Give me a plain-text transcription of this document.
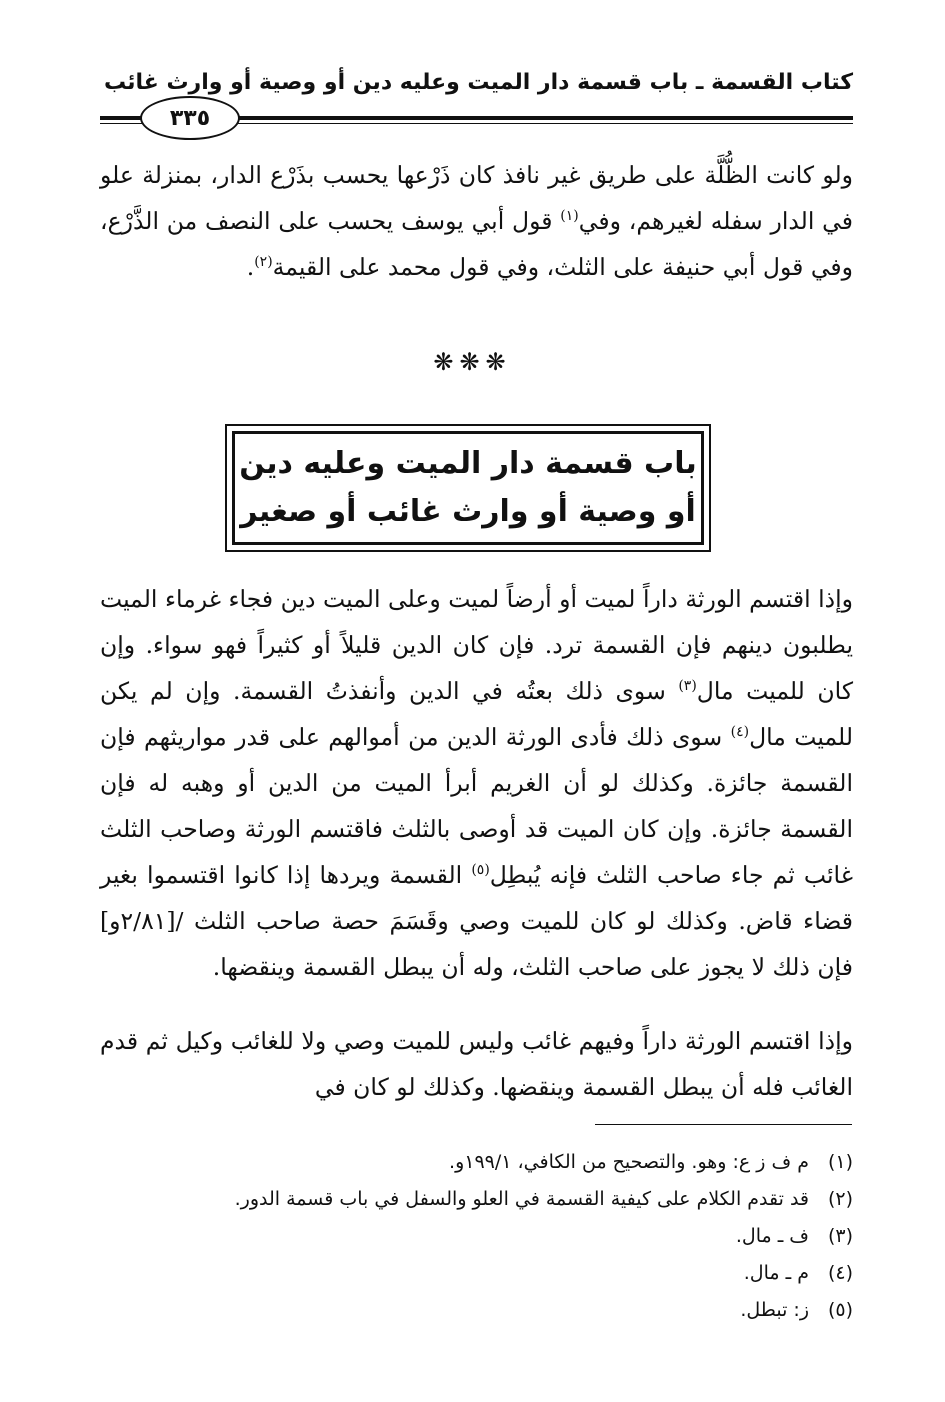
كتاب القسمة ـ باب قسمة دار الميت وعليه دين أو وصية أو وارث غائب
٣٣٥
ولو كانت الظُّلَّة على طريق غير نافذ كان ذَرْعها يحسب بذَرْع الدار، بمنزلة علو في الدار سفله لغيرهم، وفي$^{(١)}$ قول أبي يوسف يحسب على النصف من الذَّرْع، وفي قول أبي حنيفة على الثلث، وفي قول محمد على القيمة$^{(٢)}$.
❋❋❋
باب قسمة دار الميت وعليه دين
أو وصية أو وارث غائب أو صغير
وإذا اقتسم الورثة داراً لميت أو أرضاً لميت وعلى الميت دين فجاء غرماء الميت يطلبون دينهم فإن القسمة ترد. فإن كان الدين قليلاً أو كثيراً فهو سواء. وإن كان للميت مال$^{(٣)}$ سوى ذلك بعتُه في الدين وأنفذتُ القسمة. وإن لم يكن للميت مال$^{(٤)}$ سوى ذلك فأدى الورثة الدين من أموالهم على قدر مواريثهم فإن القسمة جائزة. وكذلك لو أن الغريم أبرأ الميت من الدين أو وهبه له فإن القسمة جائزة. وإن كان الميت قد أوصى بالثلث فاقتسم الورثة وصاحب الثلث غائب ثم جاء صاحب الثلث فإنه يُبطِل$^{(٥)}$ القسمة ويردها إذا كانوا اقتسموا بغير قضاء قاض. وكذلك لو كان للميت وصي وقَسَمَ حصة صاحب الثلث /[٢/٨١و] فإن ذلك لا يجوز على صاحب الثلث، وله أن يبطل القسمة وينقضها.
وإذا اقتسم الورثة داراً وفيهم غائب وليس للميت وصي ولا للغائب وكيل ثم قدم الغائب فله أن يبطل القسمة وينقضها. وكذلك لو كان في
(١)م ف ز ع: وهو. والتصحيح من الكافي، ١٩٩/١و.
(٢)قد تقدم الكلام على كيفية القسمة في العلو والسفل في باب قسمة الدور.
(٣)ف ـ مال.
(٤)م ـ مال.
(٥)ز: تبطل.
